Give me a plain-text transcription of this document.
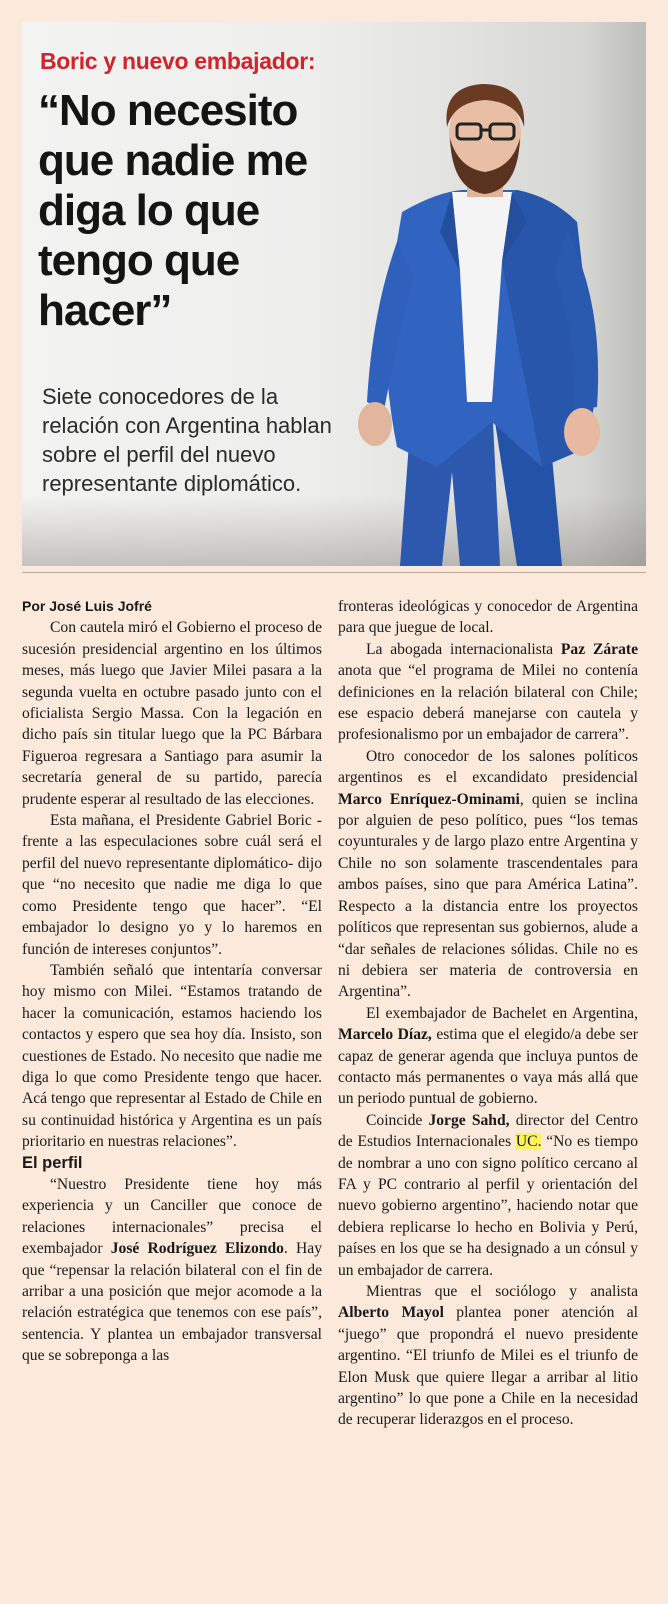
Boric y nuevo embajador:
“No necesito que nadie me diga lo que tengo que hacer”

Siete conocedores de la relación con Argentina hablan sobre el perfil del nuevo representante diplomático.

Por José Luis Jofré

Con cautela miró el Gobierno el proceso de sucesión presidencial argentino en los últimos meses, más luego que Javier Milei pasara a la segunda vuelta en octubre pasado junto con el oficialista Sergio Massa. Con la legación en dicho país sin titular luego que la PC Bárbara Figueroa regresara a Santiago para asumir la secretaría general de su partido, parecía prudente esperar al resultado de las elecciones.

Esta mañana, el Presidente Gabriel Boric -frente a las especulaciones sobre cuál será el perfil del nuevo representante diplomático- dijo que “no necesito que nadie me diga lo que como Presidente tengo que hacer”. “El embajador lo designo yo y lo haremos en función de intereses conjuntos”.

También señaló que intentaría conversar hoy mismo con Milei. “Estamos tratando de hacer la comunicación, estamos haciendo los contactos y espero que sea hoy día. Insisto, son cuestiones de Estado. No necesito que nadie me diga lo que como Presidente tengo que hacer. Acá tengo que representar al Estado de Chile en su continuidad histórica y Argentina es un país prioritario en nuestras relaciones”.

El perfil

“Nuestro Presidente tiene hoy más experiencia y un Canciller que conoce de relaciones internacionales” precisa el exembajador José Rodríguez Elizondo. Hay que “repensar la relación bilateral con el fin de arribar a una posición que mejor acomode a la relación estratégica que tenemos con ese país”, sentencia. Y plantea un embajador transversal que se sobreponga a las

fronteras ideológicas y conocedor de Argentina para que juegue de local.

La abogada internacionalista Paz Zárate anota que “el programa de Milei no contenía definiciones en la relación bilateral con Chile; ese espacio deberá manejarse con cautela y profesionalismo por un embajador de carrera”.

Otro conocedor de los salones políticos argentinos es el excandidato presidencial Marco Enríquez-Ominami, quien se inclina por alguien de peso político, pues “los temas coyunturales y de largo plazo entre Argentina y Chile no son solamente trascendentales para ambos países, sino que para América Latina”. Respecto a la distancia entre los proyectos políticos que representan sus gobiernos, alude a “dar señales de relaciones sólidas. Chile no es ni debiera ser materia de controversia en Argentina”.

El exembajador de Bachelet en Argentina, Marcelo Díaz, estima que el elegido/a debe ser capaz de generar agenda que incluya puntos de contacto más permanentes o vaya más allá que un periodo puntual de gobierno.

Coincide Jorge Sahd, director del Centro de Estudios Internacionales UC. “No es tiempo de nombrar a uno con signo político cercano al FA y PC contrario al perfil y orientación del nuevo gobierno argentino”, haciendo notar que debiera replicarse lo hecho en Bolivia y Perú, países en los que se ha designado a un cónsul y un embajador de carrera.

Mientras que el sociólogo y analista Alberto Mayol plantea poner atención al “juego” que propondrá el nuevo presidente argentino. “El triunfo de Milei es el triunfo de Elon Musk que quiere llegar a arribar al litio argentino” lo que pone a Chile en la necesidad de recuperar liderazgos en el proceso.
